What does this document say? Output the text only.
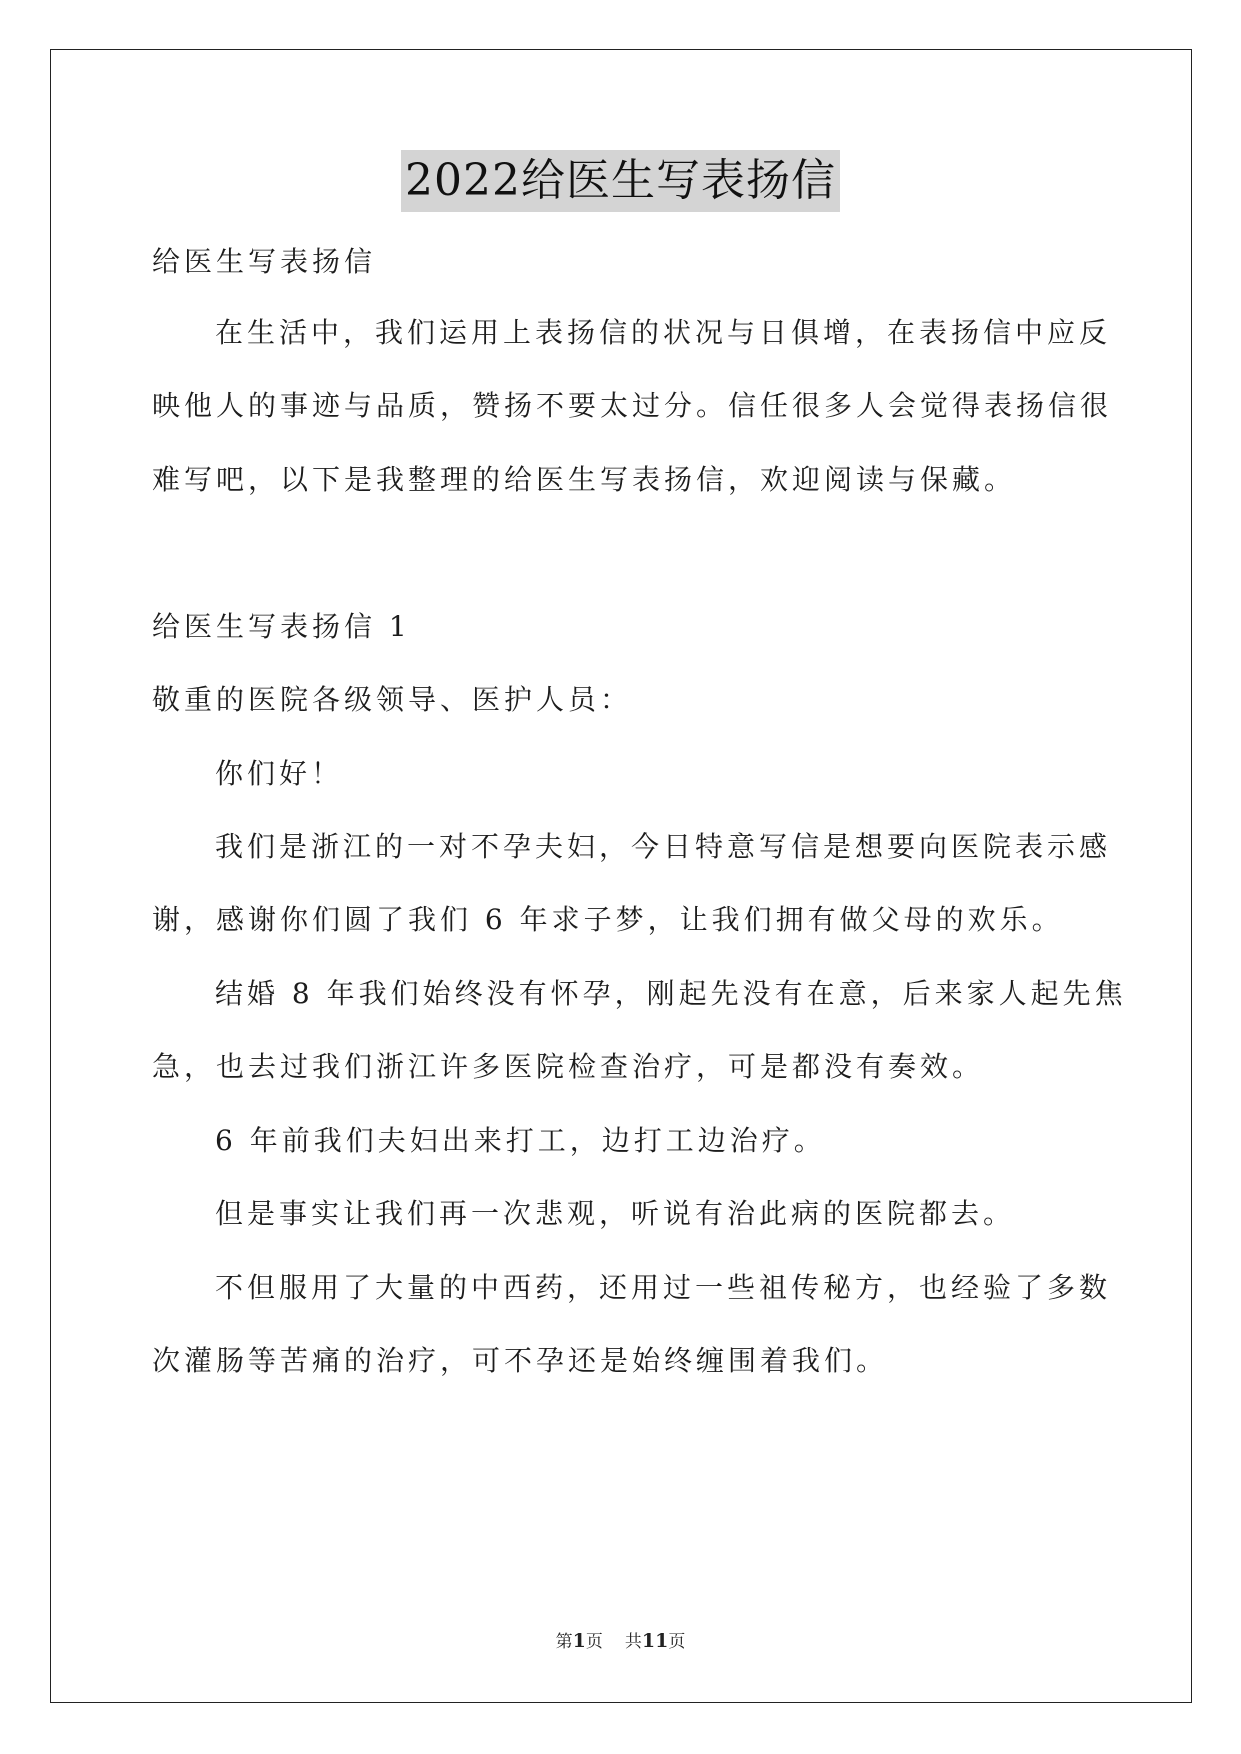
2022给医生写表扬信
给医生写表扬信
在生活中，我们运用上表扬信的状况与日俱增，在表扬信中应反
映他人的事迹与品质，赞扬不要太过分。信任很多人会觉得表扬信很
难写吧，以下是我整理的给医生写表扬信，欢迎阅读与保藏。
给医生写表扬信 1
敬重的医院各级领导、医护人员：
你们好！
我们是浙江的一对不孕夫妇，今日特意写信是想要向医院表示感
谢，感谢你们圆了我们 6 年求子梦，让我们拥有做父母的欢乐。
结婚 8 年我们始终没有怀孕，刚起先没有在意，后来家人起先焦
急，也去过我们浙江许多医院检查治疗，可是都没有奏效。
6 年前我们夫妇出来打工，边打工边治疗。
但是事实让我们再一次悲观，听说有治此病的医院都去。
不但服用了大量的中西药，还用过一些祖传秘方，也经验了多数
次灌肠等苦痛的治疗，可不孕还是始终缠围着我们。
第1页 共11页
